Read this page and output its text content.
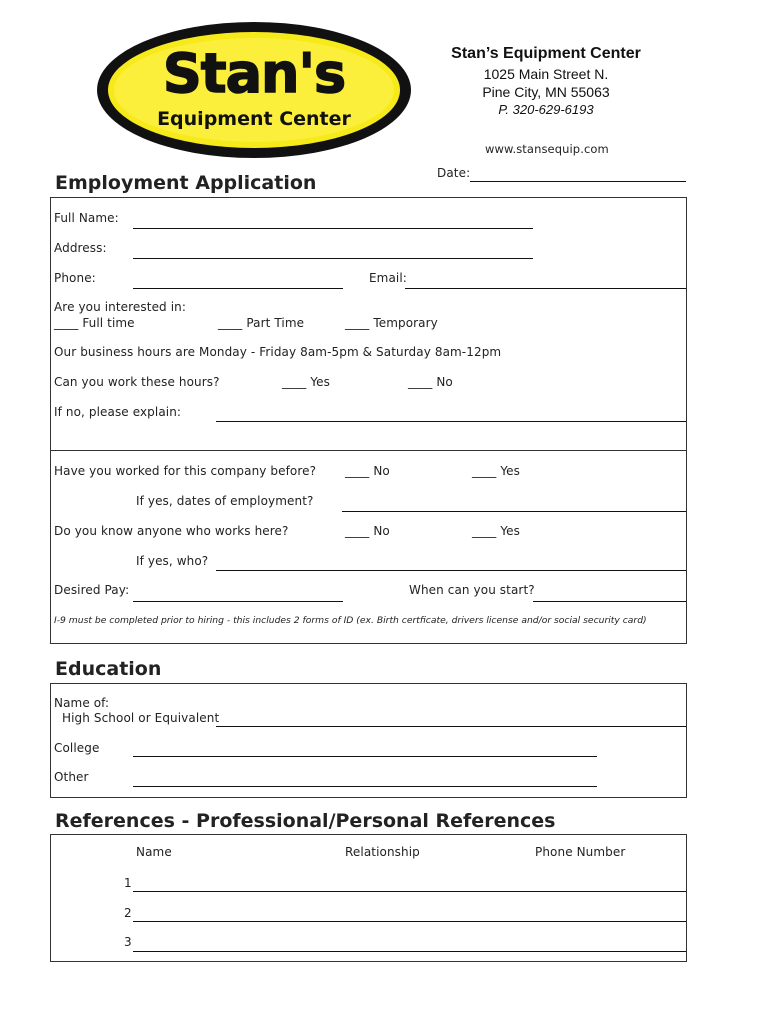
Stan's
Equipment Center
Stan’s Equipment Center
1025 Main Street N.
Pine City, MN 55063
P. 320-629-6193
www.stansequip.com
Employment Application	Date:
Full Name:
Address:
Phone:	Email:
Are you interested in:
____ Full time	____ Part Time	____ Temporary
Our business hours are Monday - Friday 8am-5pm & Saturday 8am-12pm
Can you work these hours?	____ Yes	____ No
If no, please explain:
Have you worked for this company before? ____ No	____ Yes
If yes, dates of employment?
Do you know anyone who works here?	____ No	____ Yes
If yes, who?
Desired Pay:	When can you start?
I-9 must be completed prior to hiring - this includes 2 forms of ID (ex. Birth certficate, drivers license and/or social security card)
Education
Name of:
High School or Equivalent
College
Other
References - Professional/Personal References
Name	Relationship	Phone Number
1
2
3
